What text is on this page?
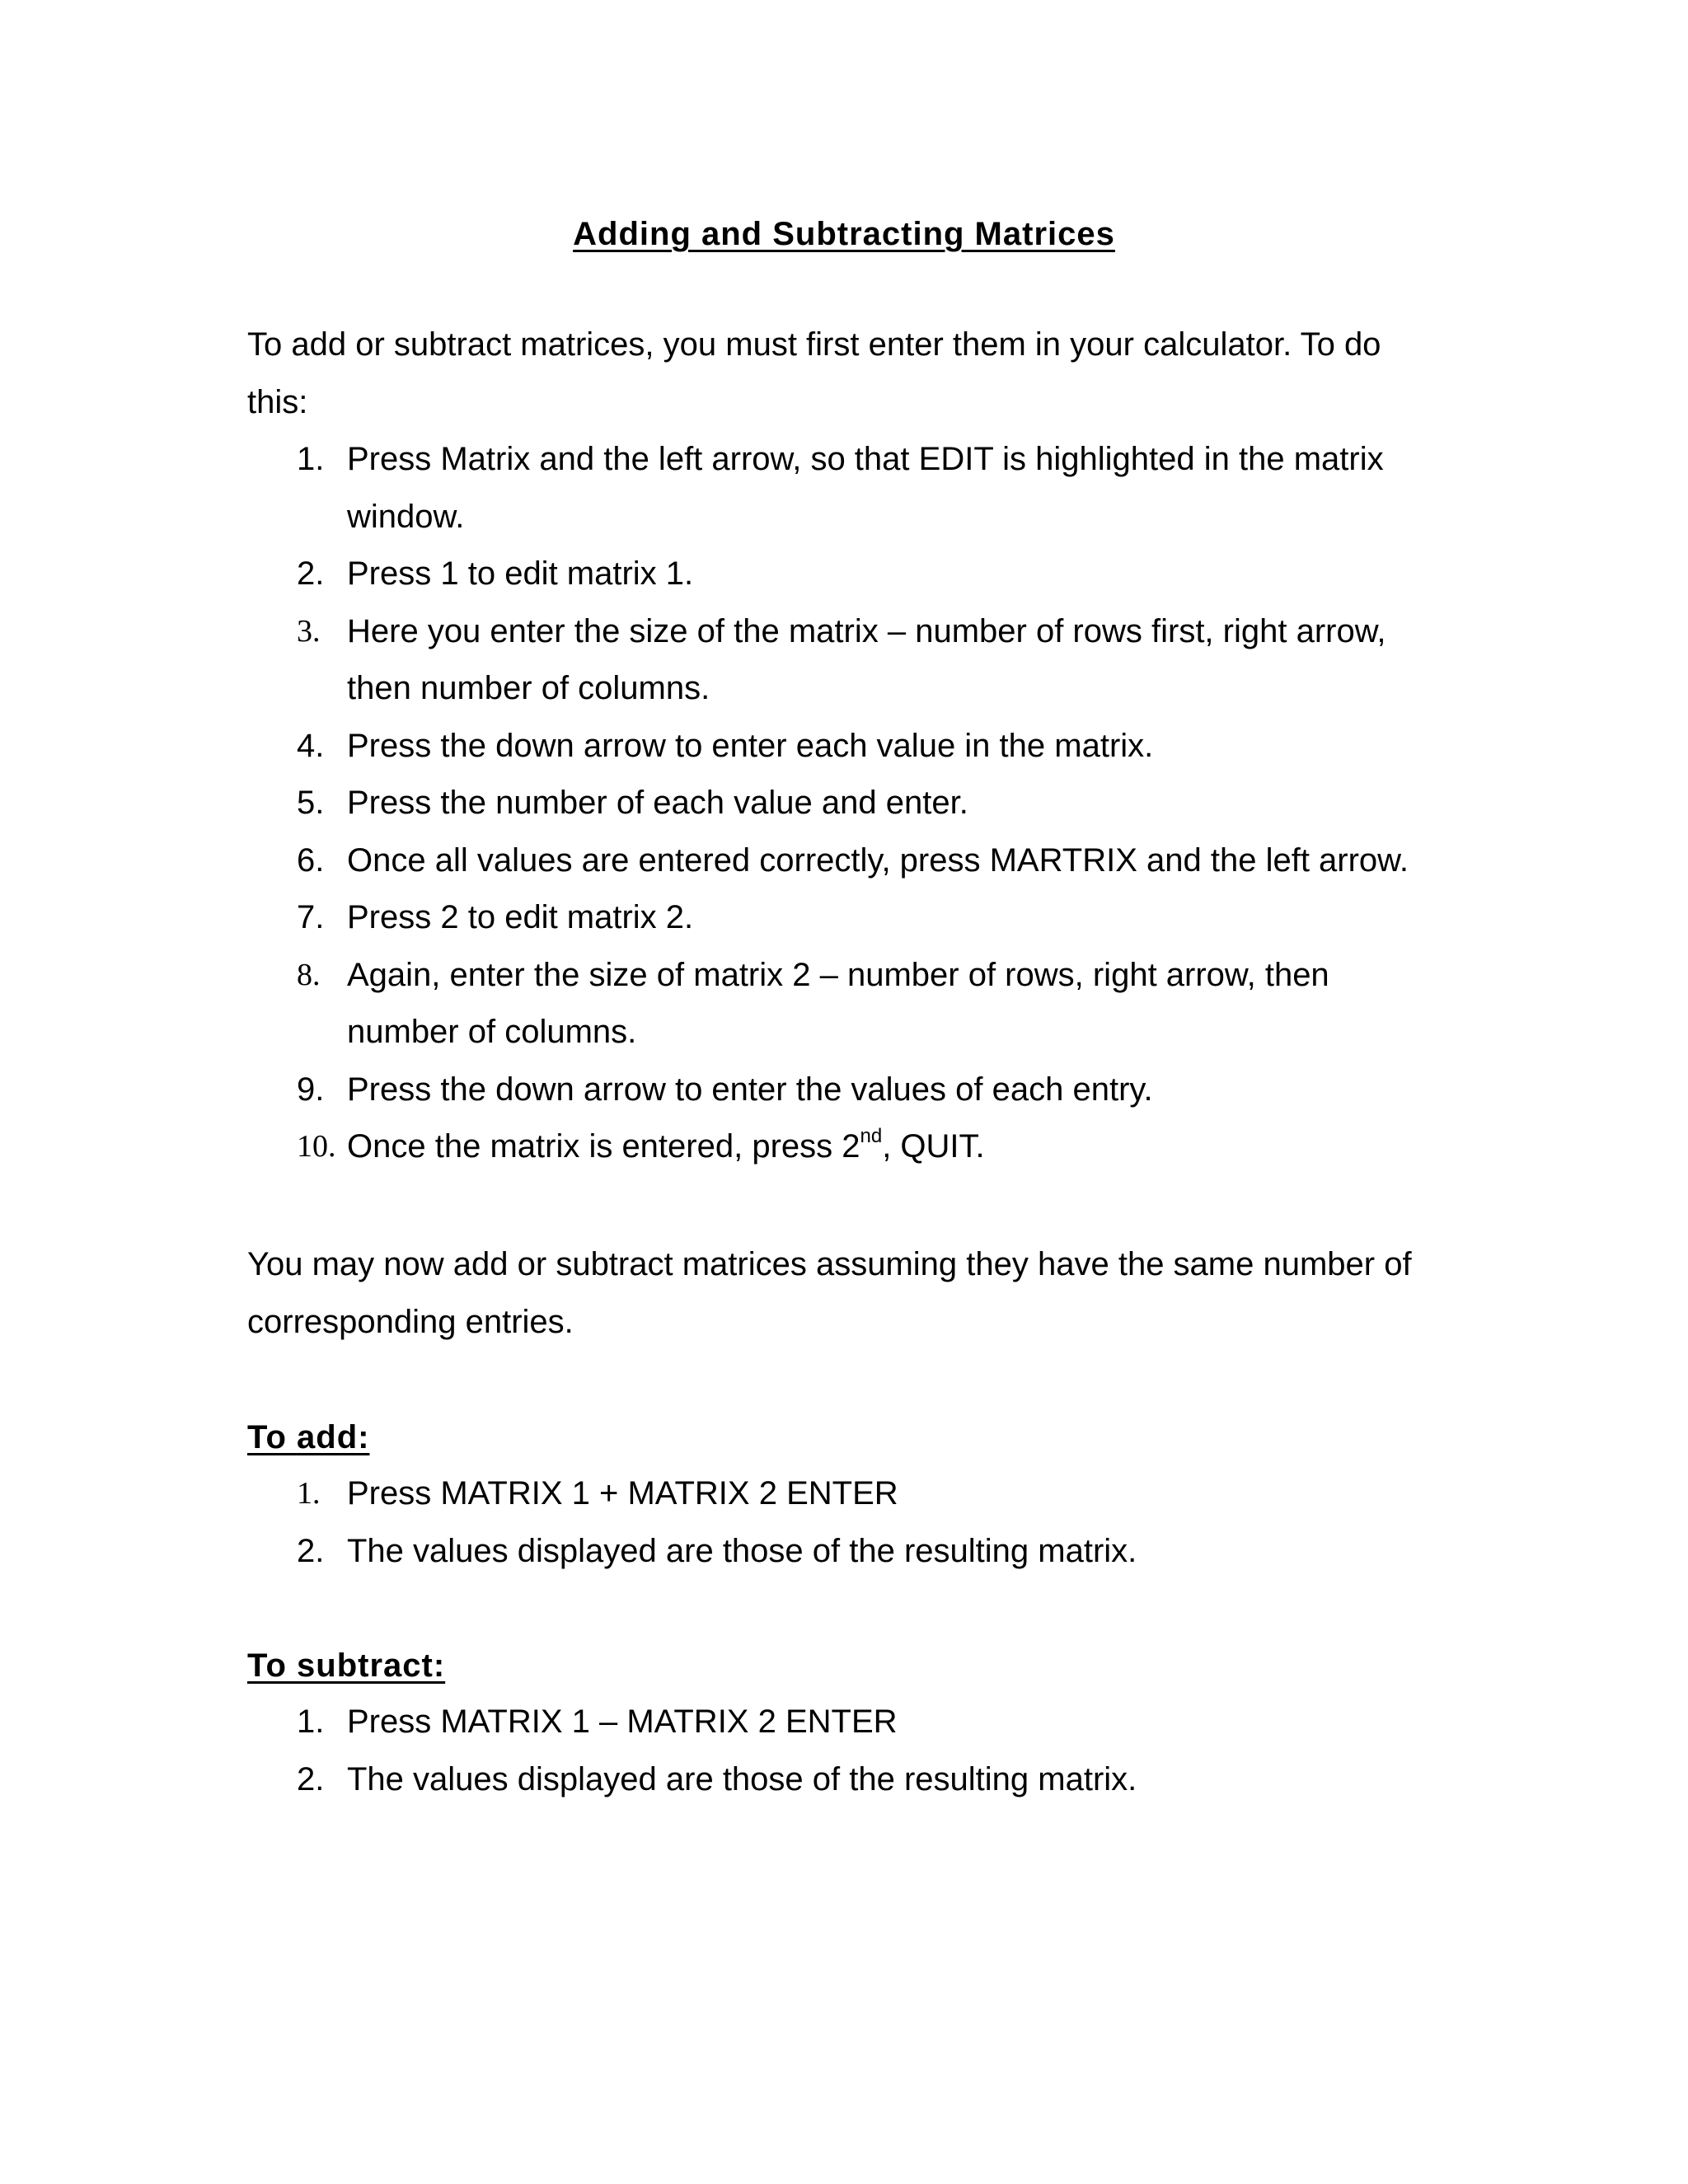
Adding and Subtracting Matrices

To add or subtract matrices, you must first enter them in your calculator. To do this:

1. Press Matrix and the left arrow, so that EDIT is highlighted in the matrix window.
2. Press 1 to edit matrix 1.
3. Here you enter the size of the matrix – number of rows first, right arrow, then number of columns.
4. Press the down arrow to enter each value in the matrix.
5. Press the number of each value and enter.
6. Once all values are entered correctly, press MARTRIX and the left arrow.
7. Press 2 to edit matrix 2.
8. Again, enter the size of matrix 2 – number of rows, right arrow, then number of columns.
9. Press the down arrow to enter the values of each entry.
10. Once the matrix is entered, press 2nd, QUIT.

You may now add or subtract matrices assuming they have the same number of corresponding entries.

To add:
1. Press MATRIX 1 + MATRIX 2 ENTER
2. The values displayed are those of the resulting matrix.
To subtract:
1. Press MATRIX 1 – MATRIX 2 ENTER
2. The values displayed are those of the resulting matrix.
